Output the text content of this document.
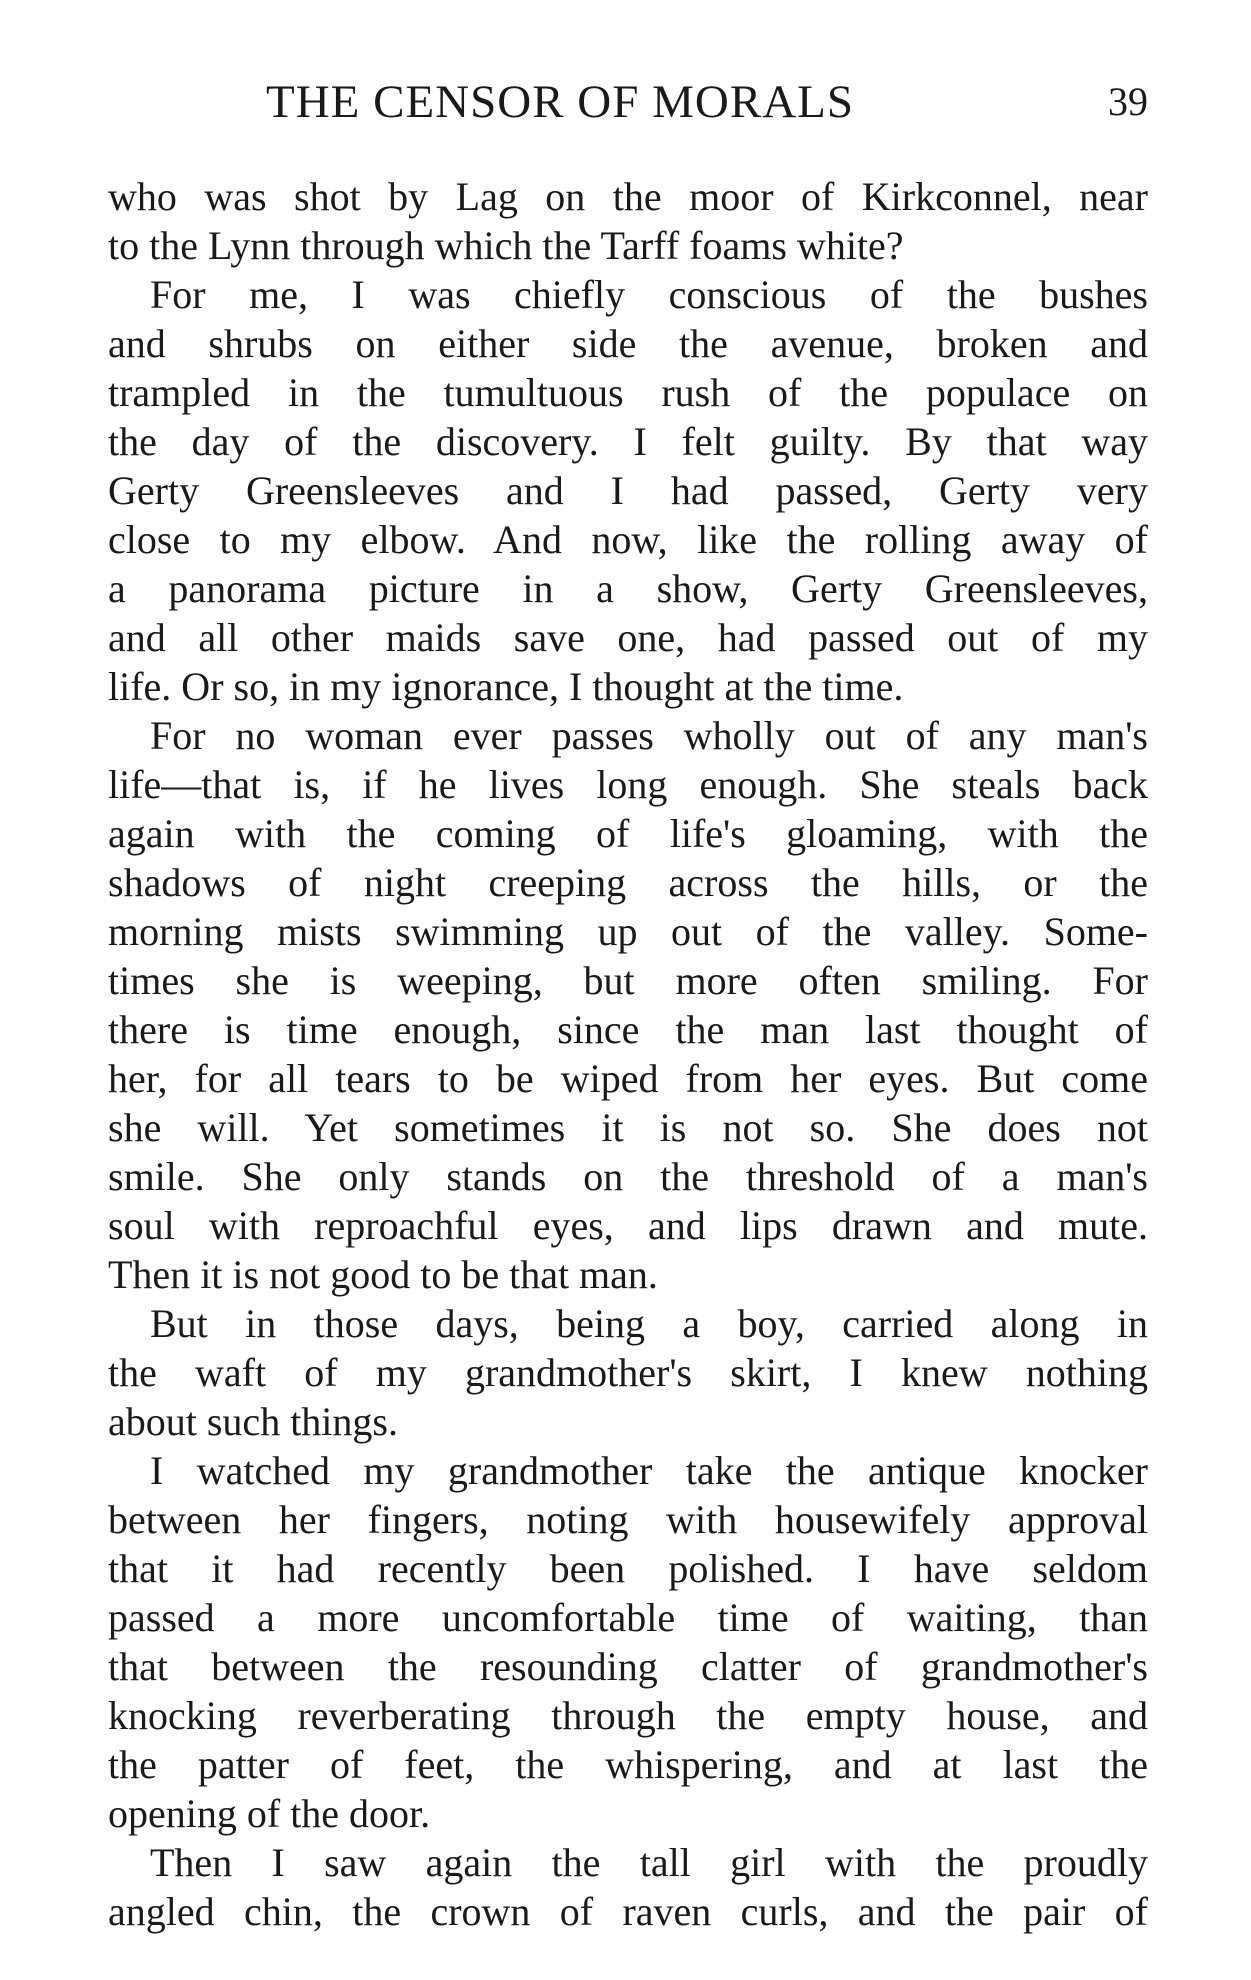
THE CENSOR OF MORALS	39
who was shot by Lag on the moor of Kirkconnel, near
to the Lynn through which the Tarff foams white?
For me, I was chiefly conscious of the bushes
and shrubs on either side the avenue, broken and
trampled in the tumultuous rush of the populace on
the day of the discovery. I felt guilty. By that way
Gerty Greensleeves and I had passed, Gerty very
close to my elbow. And now, like the rolling away of
a panorama picture in a show, Gerty Greensleeves,
and all other maids save one, had passed out of my
life. Or so, in my ignorance, I thought at the time.
For no woman ever passes wholly out of any man's
life—that is, if he lives long enough. She steals back
again with the coming of life's gloaming, with the
shadows of night creeping across the hills, or the
morning mists swimming up out of the valley. Some-
times she is weeping, but more often smiling. For
there is time enough, since the man last thought of
her, for all tears to be wiped from her eyes. But come
she will. Yet sometimes it is not so. She does not
smile. She only stands on the threshold of a man's
soul with reproachful eyes, and lips drawn and mute.
Then it is not good to be that man.
But in those days, being a boy, carried along in
the waft of my grandmother's skirt, I knew nothing
about such things.
I watched my grandmother take the antique knocker
between her fingers, noting with housewifely approval
that it had recently been polished. I have seldom
passed a more uncomfortable time of waiting, than
that between the resounding clatter of grandmother's
knocking reverberating through the empty house, and
the patter of feet, the whispering, and at last the
opening of the door.
Then I saw again the tall girl with the proudly
angled chin, the crown of raven curls, and the pair of
